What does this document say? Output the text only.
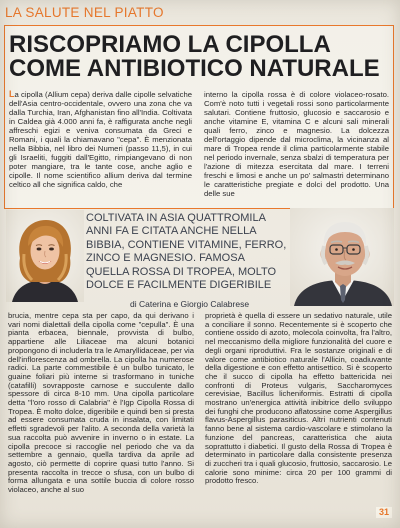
LA SALUTE NEL PIATTO
RISCOPRIAMO LA CIPOLLA
COME ANTIBIOTICO NATURALE
La cipolla (Allium cepa) deriva dalle cipolle selvatiche dell'Asia centro-occidentale, ovvero una zona che va dalla Turchia, Iran, Afghanistan fino all'India. Coltivata in Caldea già 4.000 anni fa, è raffigurata anche negli affreschi egizi e veniva consumata da Greci e Romani, i quali la chiamavano "cepa". È menzionata nella Bibbia, nel libro dei Numeri (passo 11,5), in cui gli Israeliti, fuggiti dall'Egitto, rimpiangevano di non poter mangiare, tra le tante cose, anche aglio e cipolle. Il nome scientifico allium deriva dal termine celtico all che significa caldo, che
interno la cipolla rossa è di colore violaceo-rosato. Com'è noto tutti i vegetali rossi sono particolarmente salutari. Contiene fruttosio, glucosio e saccarosio e anche vitamine E, vitamina C e alcuni sali minerali quali ferro, zinco e magnesio. La dolcezza dell'ortaggio dipende dal microclima, la vicinanza al mare di Tropea rende il clima particolarmente stabile nel periodo invernale, senza sbalzi di temperatura per l'azione di mitezza esercitata dal mare. I terreni freschi e limosi e anche un po' salmastri determinano le caratteristiche pregiate e dolci del prodotto. Una delle sue
COLTIVATA IN ASIA QUATTROMILA ANNI FA E CITATA ANCHE NELLA BIBBIA, CONTIENE VITAMINE, FERRO, ZINCO E MAGNESIO. FAMOSA QUELLA ROSSA DI TROPEA, MOLTO DOLCE E FACILMENTE DIGERIBILE
di Caterina e Giorgio Calabrese
brucia, mentre cepa sta per capo, da qui derivano i vari nomi dialettali della cipolla come "cepulla". È una pianta erbacea, biennale, provvista di bulbo, appartiene alle Liliaceae ma alcuni botanici propongono di includerla tra le Amaryllidaceae, per via dell'inflorescenza ad ombrella. La cipolla ha numerose radici. La parte commestibile è un bulbo tunicato, le guaine foliari più interne si trasformano in tuniche (catafilli) sovrapposte carnose e succulente dallo spessore di circa 8-10 mm. Una cipolla particolare detta "l'oro rosso di Calabria" è l'Igp Cipolla Rossa di Tropea. È molto dolce, digeribile e quindi ben si presta ad essere consumata cruda in insalata, con limitati effetti sgradevoli per l'alito. A seconda della varietà la sua raccolta può avvenire in inverno o in estate. La cipolla precoce si raccoglie nel periodo che va da settembre a gennaio, quella tardiva da aprile ad agosto, ciò permette di coprire quasi tutto l'anno. Si presenta raccolta in trecce o sfusa, con un bulbo di forma allungata e una sottile buccia di colore rosso violaceo, anche al suo
proprietà è quella di essere un sedativo naturale, utile a conciliare il sonno. Recentemente si è scoperto che contiene ossido di azoto, molecola coinvolta, fra l'altro, nel meccanismo della migliore funzionalità del cuore e degli organi riproduttivi. Fra le sostanze originali e di valore come antibiotico naturale l'Allicin, coadiuvante della digestione e con effetto antisettico. Si è scoperto che il succo di cipolla ha effetto battericida nei confronti di Proteus vulgaris, Saccharomyces cerevisiae, Bacillus licheniformis. Estratti di cipolla mostrano un'energica attività inibitrice dello sviluppo dei funghi che producono aflatossine come Aspergillus flavus-Aspergillus parasiticus. Altri nutrienti contenuti fanno bene al sistema cardio-vascolare e stimolano la funzione del pancreas, caratteristica che aiuta soprattutto i diabetici. Il gusto della Rossa di Tropea è determinato in particolare dalla consistente presenza di zuccheri tra i quali glucosio, fruttosio, saccarosio. Le calorie sono minime: circa 20 per 100 grammi di prodotto fresco.
31
